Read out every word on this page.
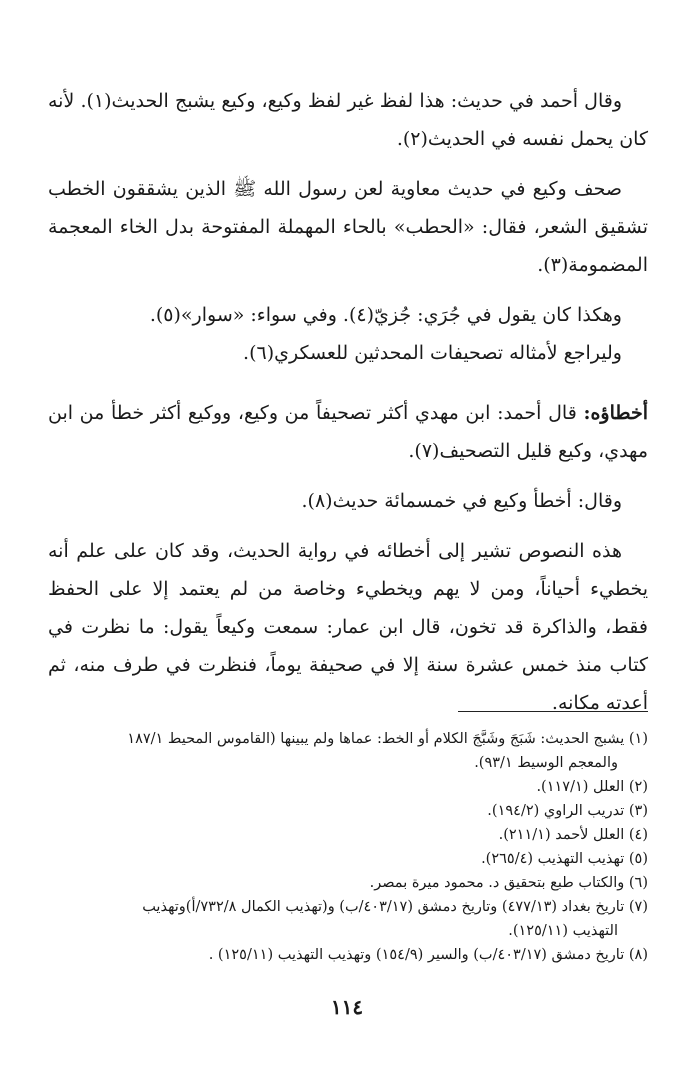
وقال أحمد في حديث: هذا لفظ غير لفظ وكيع، وكيع يشبج الحديث(١). لأنه كان يحمل نفسه في الحديث(٢).

صحف وكيع في حديث معاوية لعن رسول الله ﷺ الذين يشققون الخطب تشقيق الشعر، فقال: «الحطب» بالحاء المهملة المفتوحة بدل الخاء المعجمة المضمومة(٣).

وهكذا كان يقول في جُرَي: جُزيّ(٤). وفي سواء: «سوار»(٥).

وليراجع لأمثاله تصحيفات المحدثين للعسكري(٦).

أخطاؤه: قال أحمد: ابن مهدي أكثر تصحيفاً من وكيع، ووكيع أكثر خطأ من ابن مهدي، وكيع قليل التصحيف(٧).

وقال: أخطأ وكيع في خمسمائة حديث(٨).

هذه النصوص تشير إلى أخطائه في رواية الحديث، وقد كان على علم أنه يخطيء أحياناً، ومن لا يهم ويخطيء وخاصة من لم يعتمد إلا على الحفظ فقط، والذاكرة قد تخون، قال ابن عمار: سمعت وكيعاً يقول: ما نظرت في كتاب منذ خمس عشرة سنة إلا في صحيفة يوماً، فنظرت في طرف منه، ثم أعدته مكانه.

(١) يشبج الحديث: شَبَجَ وشَبَّجَ الكلام أو الخط: عماها ولم يبينها (القاموس المحيط ١٨٧/١
والمعجم الوسيط ٩٣/١).

(٢) العلل (١١٧/١).

(٣) تدريب الراوي (١٩٤/٢).

(٤) العلل لأحمد (٢١١/١).

(٥) تهذيب التهذيب (٢٦٥/٤).

(٦) والكتاب طبع بتحقيق د. محمود ميرة بمصر.

(٧) تاريخ بغداد (٤٧٧/١٣) وتاريخ دمشق (٤٠٣/١٧/ب) و(تهذيب الكمال ٧٣٢/٨/أ)وتهذيب
التهذيب (١٢٥/١١).

(٨) تاريخ دمشق (٤٠٣/١٧/ب) والسير (١٥٤/٩) وتهذيب التهذيب (١٢٥/١١) .

١١٤
